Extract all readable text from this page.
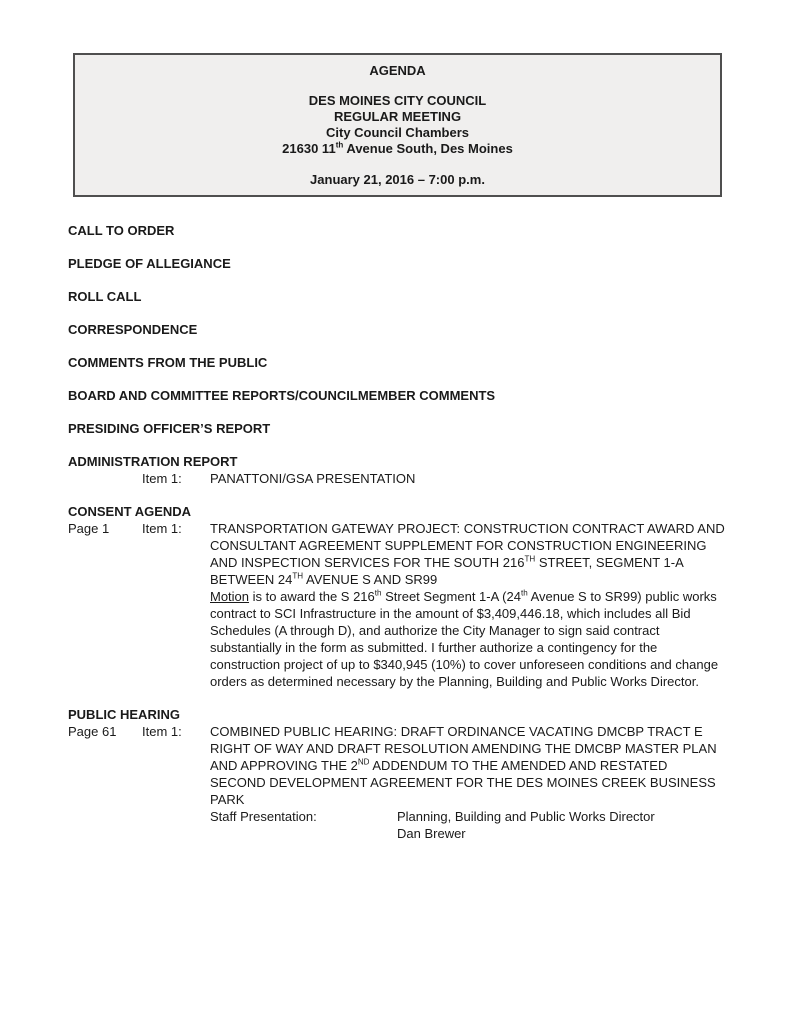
AGENDA
DES MOINES CITY COUNCIL
REGULAR MEETING
City Council Chambers
21630 11th Avenue South, Des Moines
January 21, 2016 – 7:00 p.m.
CALL TO ORDER
PLEDGE OF ALLEGIANCE
ROLL CALL
CORRESPONDENCE
COMMENTS FROM THE PUBLIC
BOARD AND COMMITTEE REPORTS/COUNCILMEMBER COMMENTS
PRESIDING OFFICER’S REPORT
ADMINISTRATION REPORT
Item 1:	PANATTONI/GSA PRESENTATION
CONSENT AGENDA
Page 1	Item 1:	TRANSPORTATION GATEWAY PROJECT: CONSTRUCTION CONTRACT AWARD AND CONSULTANT AGREEMENT SUPPLEMENT FOR CONSTRUCTION ENGINEERING AND INSPECTION SERVICES FOR THE SOUTH 216TH STREET, SEGMENT 1-A BETWEEN 24TH AVENUE S AND SR99
Motion is to award the S 216th Street Segment 1-A (24th Avenue S to SR99) public works contract to SCI Infrastructure in the amount of $3,409,446.18, which includes all Bid Schedules (A through D), and authorize the City Manager to sign said contract substantially in the form as submitted. I further authorize a contingency for the construction project of up to $340,945 (10%) to cover unforeseen conditions and change orders as determined necessary by the Planning, Building and Public Works Director.
PUBLIC HEARING
Page 61	Item 1:	COMBINED PUBLIC HEARING: DRAFT ORDINANCE VACATING DMCBP TRACT E RIGHT OF WAY AND DRAFT RESOLUTION AMENDING THE DMCBP MASTER PLAN AND APPROVING THE 2ND ADDENDUM TO THE AMENDED AND RESTATED SECOND DEVELOPMENT AGREEMENT FOR THE DES MOINES CREEK BUSINESS PARK
Staff Presentation:	Planning, Building and Public Works Director
Dan Brewer
